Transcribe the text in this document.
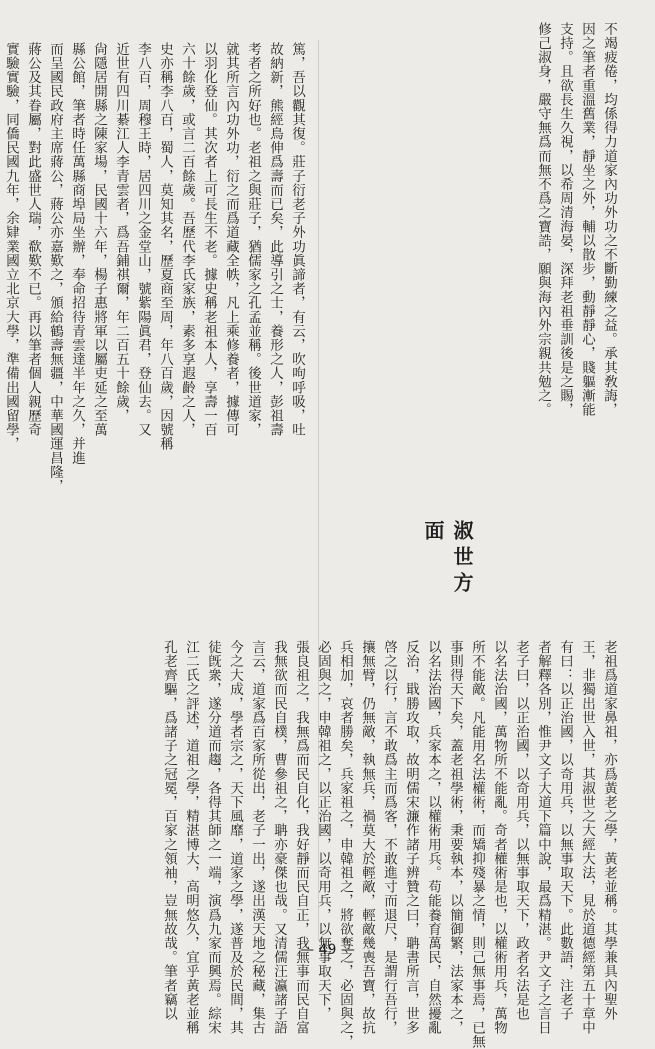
不竭疲倦，均係得力道家內功外功之不斷勤練之益。承其敎誨，
因之筆者重溫舊業，靜坐之外，輔以散步，動靜靜心，賤軀漸能
支持。且欲長生久視，以希周清海晏，深拜老祖垂訓後是之賜，
修己淑身，嚴守無爲而無不爲之寶誥，願與海內外宗親共勉之。
淑世方面
老祖爲道家鼻祖，亦爲黃老之學，黃老並稱。其學兼具內聖外
王，非獨出世入世，其淑世之大經大法，見於道德經第五十章中
有曰：以正治國，以奇用兵，以無事取天下。此數語，注老子
者解釋各別，惟尹文子大道下篇中說，最爲精湛。尹文子之言日
老子曰，以正治國，以奇用兵，以無事取天下，政者名法是也
以名法治國，萬物所不能亂。奇者權術是也，以權術用兵，萬物
所不能敵。凡能用名法權術，而矯抑殘暴之情，則己無事焉，已無
事則得天下矣，蓋老祖學術，秉要執本，以簡御繁，法家本之，
以名法治國，兵家本之，以權術用兵。苟能養育萬民，自然擾亂
反治，戢勝攻取，故明儒宋濂作諸子辨贊之曰，聃書所言，世多
啓之以行，言不敢爲主而爲客，不敢進寸而退尺，是謂行吾行，
攘無臂，仍無敵，執無兵，禍莫大於輕敵，輕敵幾喪吾寶，故抗
兵相加，哀者勝矣，兵家祖之，申韓祖之，將欲奪之，必固與之，
必固與之，申韓祖之，以正治國，以奇用兵，以無事取天下，
張良祖之，我無爲而民自化，我好靜而民自正，我無事而民自富
我無欲而民自樸，曹參祖之，聃亦豪傑也哉。又清儒汪瀛諸子語
言云，道家爲百家所從出，老子一出，遂出漢天地之秘藏，集古
今之大成，學者宗之，天下風靡，道家之學，遂普及於民間，其
徒旣衆，遂分道而趨，各得其師之一端，演爲九家而興焉。綜宋
江二氏之評述，道祖之學，精湛博大，高明悠久，宜乎黃老並稱
孔老齊驅，爲諸子之冠冕，百家之領袖，豈無故哉。筆者竊以
篤，吾以觀其復。莊子衍老子外功眞諦者，有云，吹呴呼吸，吐
故納新，熊經鳥伸爲壽而已矣，此導引之士，養形之人，彭祖壽
考者之所好也。老祖之與莊子，猶儒家之孔孟並稱。後世道家，
就其所言內功外功，衍之而爲道藏全帙，凡上乘修養者，據傳可
以羽化登仙。其次者上可長生不老。據史稱老祖本人，享壽一百
六十餘歲，或言二百餘歲。吾歷代李氏家族，素多享遐齡之人，
史亦稱李八百，蜀人，莫知其名，歷夏商至周，年八百歲，因號稱
李八百，周穆王時，居四川之金堂山，號紫陽眞君，登仙去。又
近世有四川綦江人李青雲者，爲吾鋪祺爾，年二百五十餘歲，
尙隱居開縣之陳家場，民國十六年，楊子惠將軍以屬吏延之至萬
縣公館，筆者時任萬縣商埠局坐辦，奉命招待青雲達半年之久，并進
而呈國民政府主席蔣公，蔣公亦嘉歎之，頒給鶴壽無疆，中華國運昌隆，
蔣公及其眷屬，對此盛世人瑞，欷歎不已。再以筆者個人親歷奇
實驗實驗，同僑民國九年，余肄業國立北京大學，準備出國留學，
— 49 —
